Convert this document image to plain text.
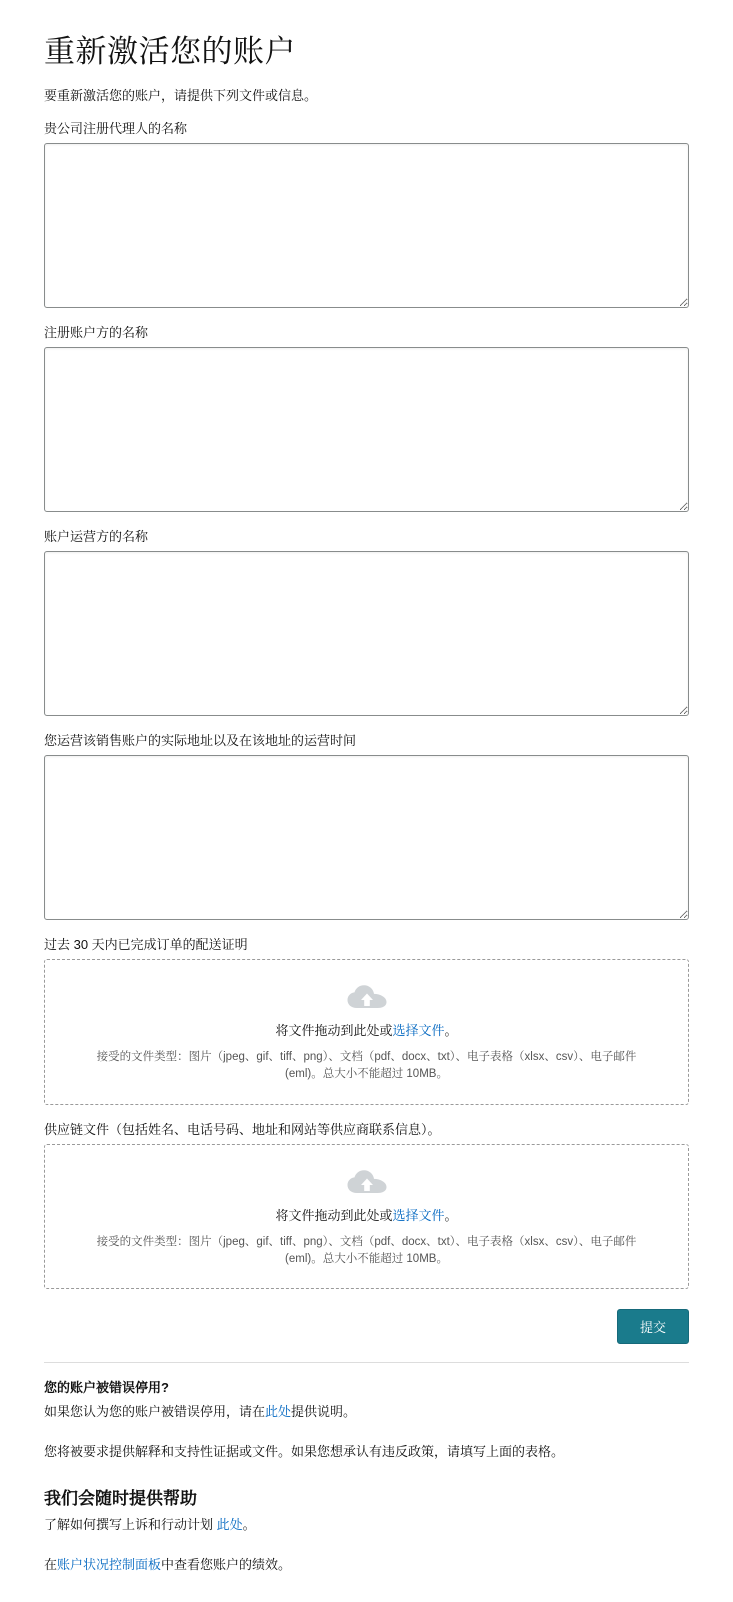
重新激活您的账户

要重新激活您的账户，请提供下列文件或信息。

贵公司注册代理人的名称
注册账户方的名称
账户运营方的名称
您运营该销售账户的实际地址以及在该地址的运营时间
过去 30 天内已完成订单的配送证明

将文件拖动到此处或选择文件。

接受的文件类型：图片（jpeg、gif、tiff、png）、文档（pdf、docx、txt）、电子表格（xlsx、csv）、电子邮件 (eml)。总大小不能超过 10MB。

供应链文件（包括姓名、电话号码、地址和网站等供应商联系信息）。

将文件拖动到此处或选择文件。

接受的文件类型：图片（jpeg、gif、tiff、png）、文档（pdf、docx、txt）、电子表格（xlsx、csv）、电子邮件 (eml)。总大小不能超过 10MB。

提交
您的账户被错误停用?

如果您认为您的账户被错误停用，请在此处提供说明。

您将被要求提供解释和支持性证据或文件。如果您想承认有违反政策，请填写上面的表格。

我们会随时提供帮助

了解如何撰写上诉和行动计划 此处。

在账户状况控制面板中查看您账户的绩效。
